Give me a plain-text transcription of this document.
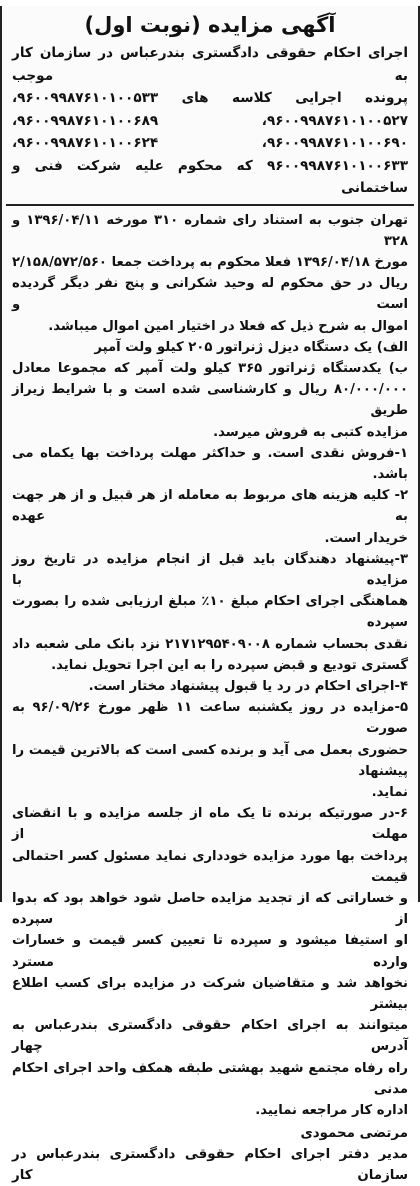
آگهی مزایده (نوبت اول)

اجرای احکام حقوقی دادگستری بندرعباس در سازمان کار به موجب
پرونده اجرایی کلاسه های ۹۶۰۰۹۹۸۷۶۱۰۱۰۰۵۳۳،
۹۶۰۰۹۹۸۷۶۱۰۱۰۰۵۲۷، ۹۶۰۰۹۹۸۷۶۱۰۱۰۰۶۸۹،
۹۶۰۰۹۹۸۷۶۱۰۱۰۰۶۹۰، ۹۶۰۰۹۹۸۷۶۱۰۱۰۰۶۲۴،
۹۶۰۰۹۹۸۷۶۱۰۱۰۰۶۳۳ که محکوم علیه شرکت فنی و ساختمانی

تهران جنوب به استناد رای شماره ۳۱۰ مورخه ۱۳۹۶/۰۴/۱۱ و ۳۲۸
مورخ ۱۳۹۶/۰۴/۱۸ فعلا محکوم به پرداخت جمعا ۲/۱۵۸/۵۷۲/۵۶۰
ریال در حق محکوم له وحید شکرانی و پنج نفر دیگر گردیده است و
اموال به شرح ذیل که فعلا در اختیار امین اموال میباشد.
الف) یک دستگاه دیزل ژنراتور ۲۰۵ کیلو ولت آمپر
ب) یکدستگاه ژنراتور ۳۶۵ کیلو ولت آمپر که مجموعا معادل
۸۰/۰۰۰/۰۰۰ ریال و کارشناسی شده است و با شرایط زیراز طریق
مزایده کتبی به فروش میرسد.
۱-فروش نقدی است. و حداکثر مهلت پرداخت بها یکماه می باشد.
۲- کلیه هزینه های مربوط به معامله از هر قبیل و از هر جهت به عهده
خریدار است.
۳-پیشنهاد دهندگان باید قبل از انجام مزایده در تاریخ روز مزایده با
هماهنگی اجرای احکام مبلغ ۱۰٪ مبلغ ارزیابی شده را بصورت سپرده
نقدی بحساب شماره ۲۱۷۱۲۹۵۴۰۹۰۰۸ نزد بانک ملی شعبه داد
گستری تودیع و قبض سپرده را به این اجرا تحویل نماید.
۴-اجرای احکام در رد یا قبول پیشنهاد مختار است.
۵-مزایده در روز یکشنبه ساعت ۱۱ ظهر مورخ ۹۶/۰۹/۲۶ به صورت
حضوری بعمل می آید و برنده کسی است که بالاترین قیمت را پیشنهاد
نماید.
۶-در صورتیکه برنده تا یک ماه از جلسه مزایده و با انقضای مهلت از
پرداخت بها مورد مزایده خودداری نماید مسئول کسر احتمالی قیمت
و خساراتی که از تجدید مزایده حاصل شود خواهد بود که بدوا از سپرده
او استیفا میشود و سپرده تا تعیین کسر قیمت و خسارات وارده مسترد
نخواهد شد و متقاضیان شرکت در مزایده برای کسب اطلاع بیشتر
میتوانند به اجرای احکام حقوقی دادگستری بندرعباس به آدرس چهار
راه رفاه مجتمع شهید بهشتی طبقه همکف واحد اجرای احکام مدنی
اداره کار مراجعه نمایید.

مرتضی محمودی
مدیر دفتر اجرای احکام حقوقی دادگستری بندرعباس در سازمان کار
